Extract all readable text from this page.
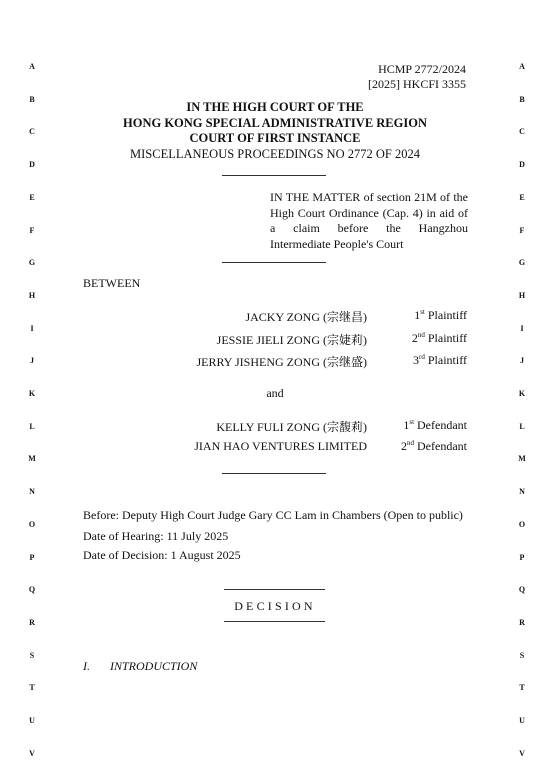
A
B
C
D
E
F
G
H
I
J
K
L
M
N
O
P
Q
R
S
T
U
V
A
B
C
D
E
F
G
H
I
J
K
L
M
N
O
P
Q
R
S
T
U
V
HCMP 2772/2024
[2025] HKCFI 3355
IN THE HIGH COURT OF THE
HONG KONG SPECIAL ADMINISTRATIVE REGION
COURT OF FIRST INSTANCE
MISCELLANEOUS PROCEEDINGS NO 2772 OF 2024
IN THE MATTER of section 21M of the High Court Ordinance (Cap. 4) in aid of a claim before the Hangzhou Intermediate People's Court
BETWEEN
JACKY ZONG (宗继昌)	1st Plaintiff
JESSIE JIELI ZONG (宗婕莉)	2nd Plaintiff
JERRY JISHENG ZONG (宗继盛)	3rd Plaintiff
and
KELLY FULI ZONG (宗馥莉)	1st Defendant
JIAN HAO VENTURES LIMITED	2nd Defendant
Before: Deputy High Court Judge Gary CC Lam in Chambers (Open to public)
Date of Hearing: 11 July 2025
Date of Decision: 1 August 2025
DECISION
I. INTRODUCTION
